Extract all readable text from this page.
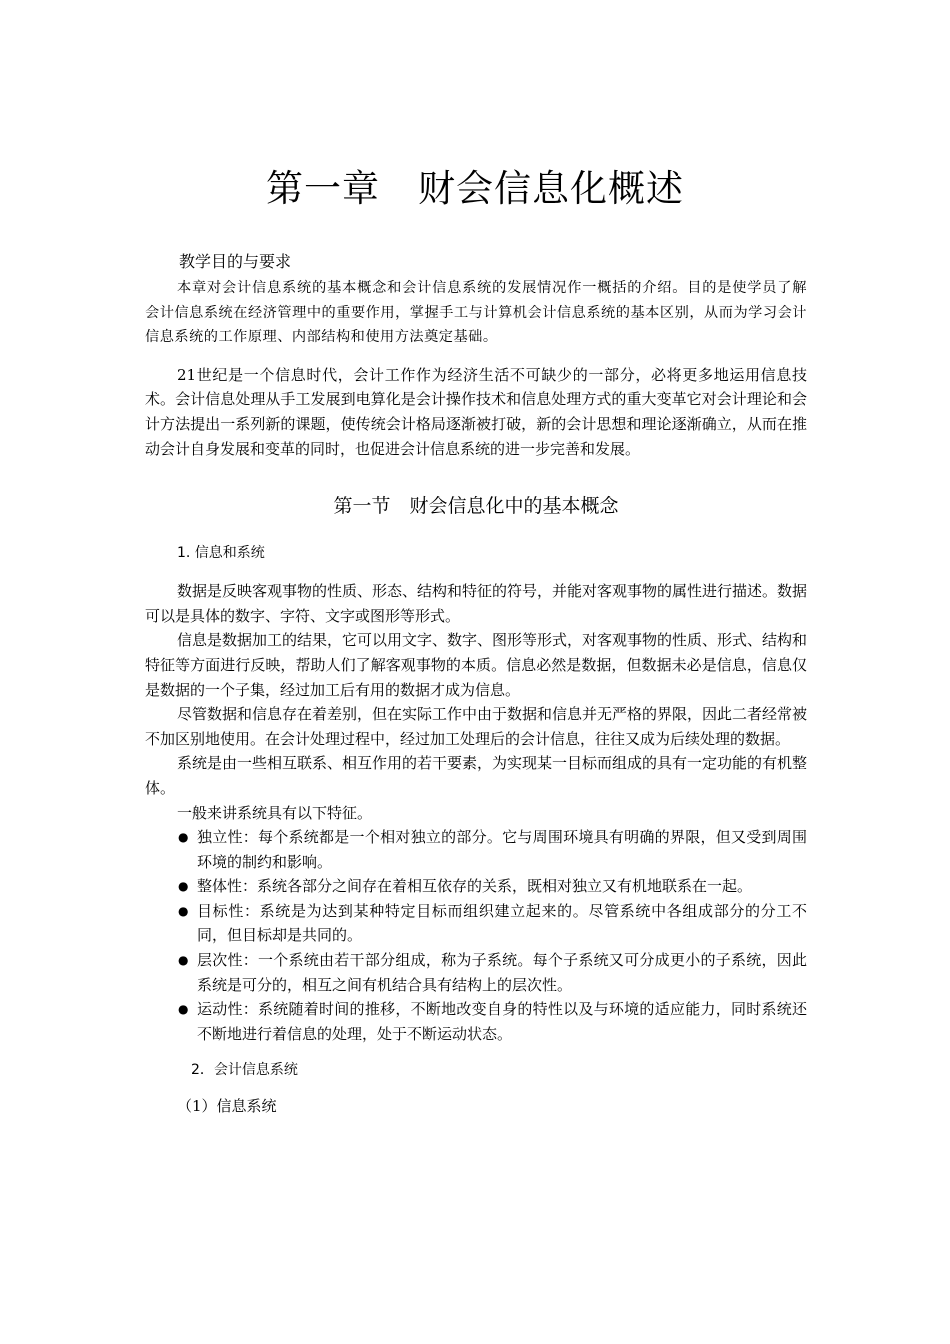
第一章　财会信息化概述
教学目的与要求

本章对会计信息系统的基本概念和会计信息系统的发展情况作一概括的介绍。目的是使学员了解会计信息系统在经济管理中的重要作用，掌握手工与计算机会计信息系统的基本区别，从而为学习会计信息系统的工作原理、内部结构和使用方法奠定基础。

21世纪是一个信息时代，会计工作作为经济生活不可缺少的一部分，必将更多地运用信息技术。会计信息处理从手工发展到电算化是会计操作技术和信息处理方式的重大变革它对会计理论和会计方法提出一系列新的课题，使传统会计格局逐渐被打破，新的会计思想和理论逐渐确立，从而在推动会计自身发展和变革的同时，也促进会计信息系统的进一步完善和发展。

第一节　财会信息化中的基本概念
1. 信息和系统

数据是反映客观事物的性质、形态、结构和特征的符号，并能对客观事物的属性进行描述。数据可以是具体的数字、字符、文字或图形等形式。

信息是数据加工的结果，它可以用文字、数字、图形等形式，对客观事物的性质、形式、结构和特征等方面进行反映，帮助人们了解客观事物的本质。信息必然是数据，但数据未必是信息，信息仅是数据的一个子集，经过加工后有用的数据才成为信息。

尽管数据和信息存在着差别，但在实际工作中由于数据和信息并无严格的界限，因此二者经常被不加区别地使用。在会计处理过程中，经过加工处理后的会计信息，往往又成为后续处理的数据。

系统是由一些相互联系、相互作用的若干要素，为实现某一目标而组成的具有一定功能的有机整体。

一般来讲系统具有以下特征。

● 独立性：每个系统都是一个相对独立的部分。它与周围环境具有明确的界限，但又受到周围环境的制约和影响。
● 整体性：系统各部分之间存在着相互依存的关系，既相对独立又有机地联系在一起。
● 目标性：系统是为达到某种特定目标而组织建立起来的。尽管系统中各组成部分的分工不同，但目标却是共同的。
● 层次性：一个系统由若干部分组成，称为子系统。每个子系统又可分成更小的子系统，因此系统是可分的，相互之间有机结合具有结构上的层次性。
● 运动性：系统随着时间的推移，不断地改变自身的特性以及与环境的适应能力，同时系统还不断地进行着信息的处理，处于不断运动状态。
2．会计信息系统

（1）信息系统
